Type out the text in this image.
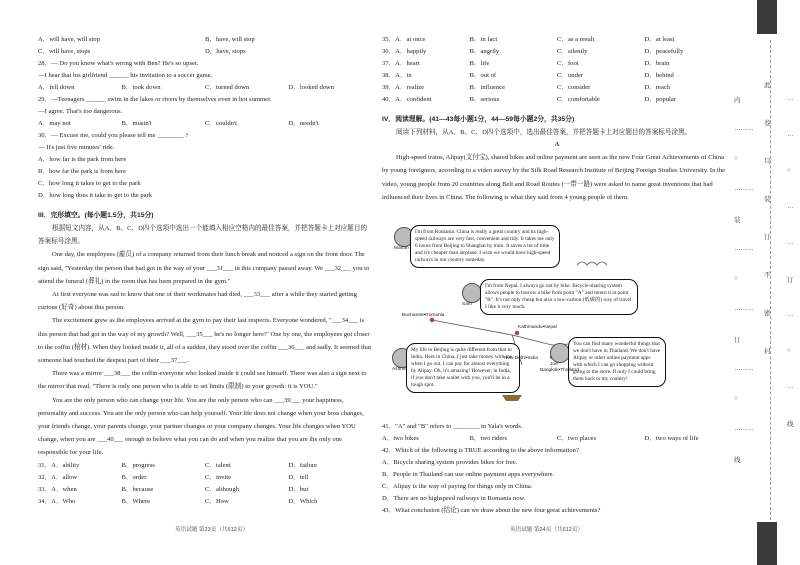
A．will have, will stop	B．have, will stop
C．will have, stops	D．have, stops
28．— Do you know what's wrong with Ben? He's so upset.
—I hear that his girlfriend ______ his invitation to a soccer game.
A．fell down	B．took down	C．turned down	D．looked down
29．—Teenagers ______ swim in the lakes or rivers by themselves even in hot summer.
—I agree. That's too dangerous.
A．may not	B．mustn't	C．couldn't	D．needn't
30．— Excuse me, could you please tell me ________ ?
— It's just five minutes' ride.
A．how far is the park from here
B．how far the park is from here
C．how long it takes to get to the park
D．how long does it take to get to the park
III．完形填空。(每小题1.5分，共15分)
根据短文内容，从A、B、C、D四个选项中选出一个能填入相应空格内的最佳答案，并把答题卡上对应题目的答案标号涂黑。
One day, the employees (雇员) of a company returned from their lunch break and noticed a sign on the front door. The sign said, "Yesterday the person that had got in the way of your ___31___ in this company passed away. We ___32___ you to attend the funeral (葬礼) in the room that has been prepared in the gym."
At first everyone was sad to know that one of their workmates had died, ___33___ after a while they started getting curious (好奇) about this person.
The excitement grew as the employees arrived at the gym to pay their last respects. Everyone wondered, "___34___ is this person that had got in the way of my growth? Well, ___35___ he's no longer here!" One by one, the employees got closer to the coffin (棺材). When they looked inside it, all of a sudden, they stood over the coffin ___36___ and sadly. It seemed that someone had touched the deepest part of their ___37___.
There was a mirror ___38___ the coffin-everyone who looked inside it could see himself. There was also a sign next to the mirror that read, "There is only one person who is able to set limits (限制) to your growth: it is YOU."
You are the only person who can change your life. You are the only person who can ___39___ your happiness, personality and success. You are the only person who can help yourself. Your life does not change when your boss changes, your friends change, your parents change, your partner changes or your company changes. Your life changes when YOU change, when you are ___40___ enough to believe what you can do and when you realize that you are the only one responsible for your life.
31．A．ability	B．progress	C．talent	D．failure
32．A．allow	B．order	C．invite	D．tell
33．A．when	B．because	C．although	D．but
34．A．Who	B．Where	C．How	D．Which
35．A．at once	B．in fact	C．as a result	D．at least
36．A．happily	B．angrily	C．silently	D．peacefully
37．A．heart	B．life	C．foot	D．brain
38．A．in	B．out of	C．under	D．behind
39．A．realize	B．influence	C．consider	D．reach
40．A．confident	B．serious	C．comfortable	D．popular
IV．阅读理解。(41—43每小题1分，44—59每小题2分，共35分)
阅读下列材料，从A、B、C、D四个选项中，选出最佳答案，并把答题卡上对应题目的答案标号涂黑。
A
High-speed trains, Alipay(支付宝), shared bikes and online payment are seen as the new Four Great Achievements of China by young foreigners, according to a video survey by the Silk Road Research Institute of Beijing Foreign Studies University. In the video, young people from 20 countries along Belt and Road Routes (一带一路) were asked to name great inventions that had influenced their lives in China. The following is what they said from 4 young people of them.
I'm from Romania. China is really a great country and its high-speed railways are very fast, convenient and tidy. It takes me only 6 hours from Beijing to Shanghai by train. It saves a lot of time and it's cheaper than airplane. I wish we would have high-speed railways in our country someday.
I'm from Nepal. I always go out by bike. Bicycle-sharing system allows people to borrow a bike from point "A" and return it at point "B". It's not only cheap but also a low-carbon (低碳的) way of travel. I like it very much.
My life in Beijing is quite different from that in India. Here in China, I just take money with me when I go out. I can pay for almost everything by Alipay. Oh, it's amazing! However, in India, if you don't take wallet with you, you'll be in a tough spot.
You can find many wonderful things that we don't have in Thailand. We don't have Alipay or other online payment apps with which I can go shopping without going to the store. If only I could bring them back to my country!
Bucharest•Romania
Kathmandu•Nepal
New Delhi•India
Bangkok•Thailand
Marian
Sam
Ashmit
Joe
41．"A" and "B" refers to ________ in Yala's words.
A．two bikes	B．two riders	C．two places	D．two ways of life
42．Which of the following is TRUE according to the above information?
A．Bicycle sharing system provides bikes for free.
B．People in Thailand can use online payment apps everywhere.
C．Alipay is the way of paying for things only in China.
D．There are no highspeed railways in Romania now.
43．What conclusion (结论) can we draw about the new four great achievements?
英语试题 第23页（共612页）	英语试题 第24页（共612页）
内
………
○
………
装
………
○
………
订
………
○
………
线
此
卷
只
装
订
不
密
封
…
…
○
…
…
订
…
○
…
线
